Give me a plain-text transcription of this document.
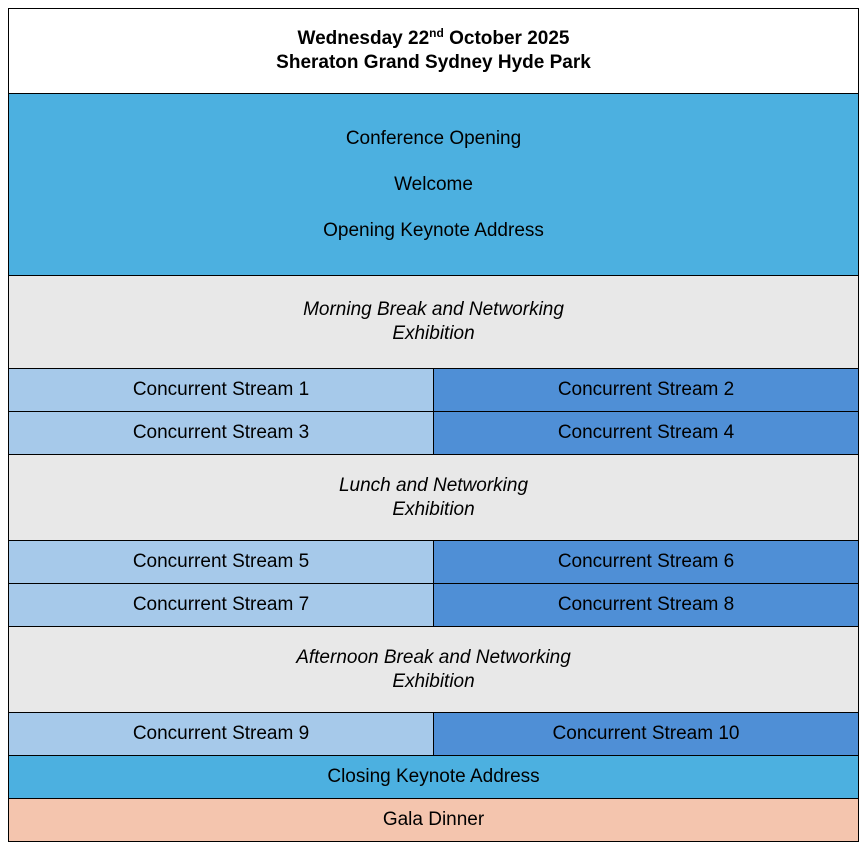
Wednesday 22nd October 2025
Sheraton Grand Sydney Hyde Park	

Conference Opening
Welcome
Opening Keynote Address	

Morning Break and Networking
Exhibition	

Concurrent Stream 1	Concurrent Stream 2
Concurrent Stream 3	Concurrent Stream 4

Lunch and Networking
Exhibition	

Concurrent Stream 5	Concurrent Stream 6
Concurrent Stream 7	Concurrent Stream 8

Afternoon Break and Networking
Exhibition	

Concurrent Stream 9	Concurrent Stream 10
Closing Keynote Address	
Gala Dinner	
